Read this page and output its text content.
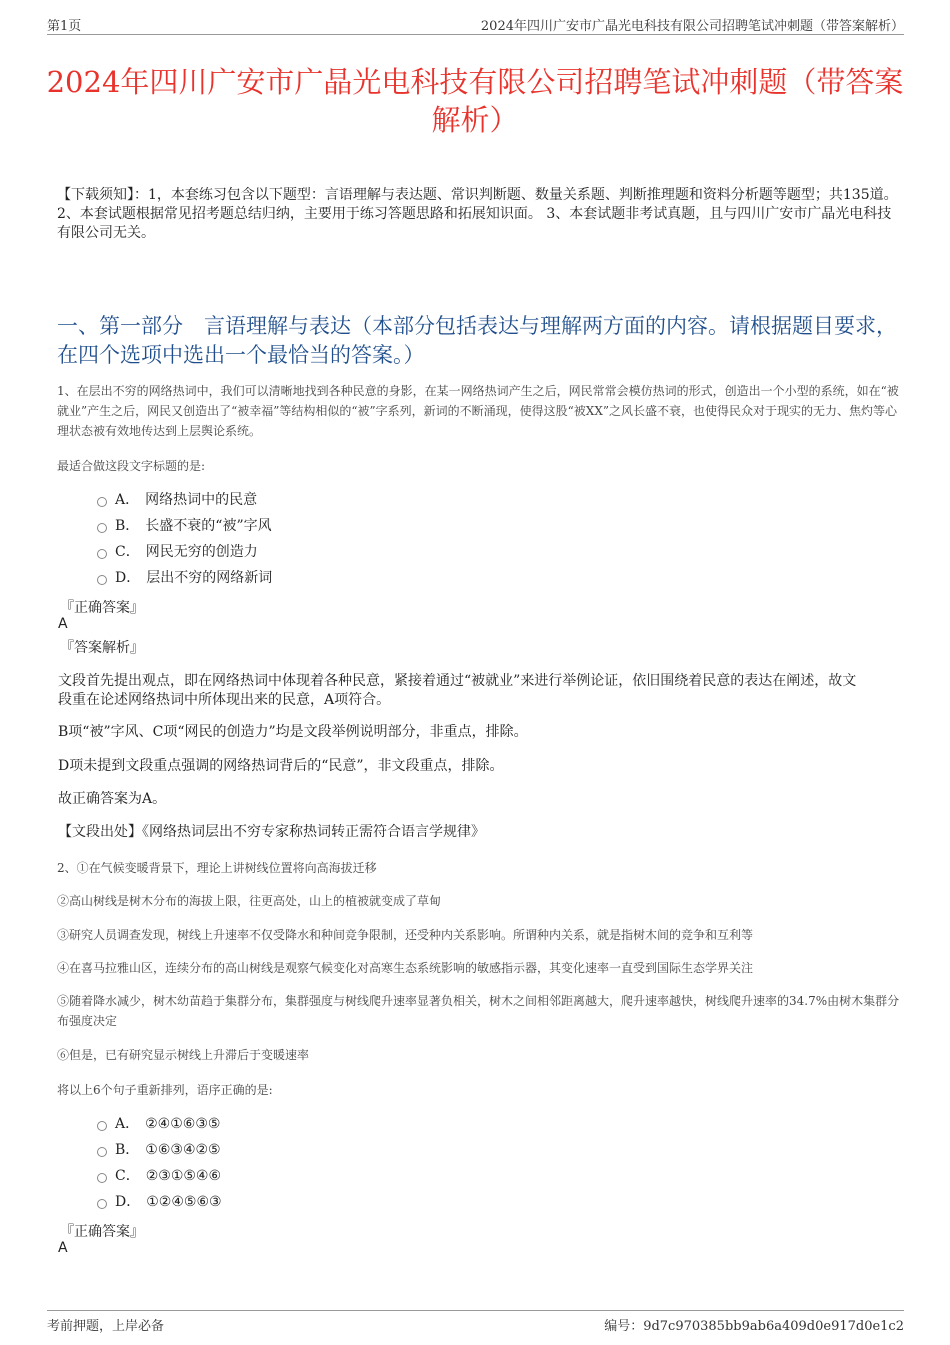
第1页	2024年四川广安市广晶光电科技有限公司招聘笔试冲刺题（带答案解析）
2024年四川广安市广晶光电科技有限公司招聘笔试冲刺题（带答案解析）
【下载须知】：1，本套练习包含以下题型：言语理解与表达题、常识判断题、数量关系题、判断推理题和资料分析题等题型；共135道。 2、本套试题根据常见招考题总结归纳，主要用于练习答题思路和拓展知识面。 3、本套试题非考试真题，且与四川广安市广晶光电科技有限公司无关。
一、第一部分　言语理解与表达（本部分包括表达与理解两方面的内容。请根据题目要求，在四个选项中选出一个最恰当的答案。）
1、在层出不穷的网络热词中，我们可以清晰地找到各种民意的身影，在某一网络热词产生之后，网民常常会模仿热词的形式，创造出一个小型的系统，如在“被就业”产生之后，网民又创造出了“被幸福”等结构相似的“被”字系列，新词的不断涌现，使得这股“被XX”之风长盛不衰，也使得民众对于现实的无力、焦灼等心理状态被有效地传达到上层舆论系统。
最适合做这段文字标题的是:
A． 网络热词中的民意
B． 长盛不衰的“被”字风
C． 网民无穷的创造力
D． 层出不穷的网络新词
『正确答案』
A
『答案解析』
文段首先提出观点，即在网络热词中体现着各种民意，紧接着通过“被就业”来进行举例论证，依旧围绕着民意的表达在阐述，故文段重在论述网络热词中所体现出来的民意，A项符合。
B项“被”字风、C项“网民的创造力”均是文段举例说明部分，非重点，排除。
D项未提到文段重点强调的网络热词背后的“民意”，非文段重点，排除。
故正确答案为A。
【文段出处】《网络热词层出不穷专家称热词转正需符合语言学规律》
2、①在气候变暖背景下，理论上讲树线位置将向高海拔迁移
②高山树线是树木分布的海拔上限，往更高处，山上的植被就变成了草甸
③研究人员调查发现，树线上升速率不仅受降水和种间竞争限制，还受种内关系影响。所谓种内关系，就是指树木间的竞争和互利等
④在喜马拉雅山区，连续分布的高山树线是观察气候变化对高寒生态系统影响的敏感指示器，其变化速率一直受到国际生态学界关注
⑤随着降水减少，树木幼苗趋于集群分布，集群强度与树线爬升速率显著负相关，树木之间相邻距离越大，爬升速率越快，树线爬升速率的34.7%由树木集群分布强度决定
⑥但是，已有研究显示树线上升滞后于变暖速率
将以上6个句子重新排列，语序正确的是:
A． ②④①⑥③⑤
B． ①⑥③④②⑤
C． ②③①⑤④⑥
D． ①②④⑤⑥③
『正确答案』
A
考前押题，上岸必备	编号：9d7c970385bb9ab6a409d0e917d0e1c2
